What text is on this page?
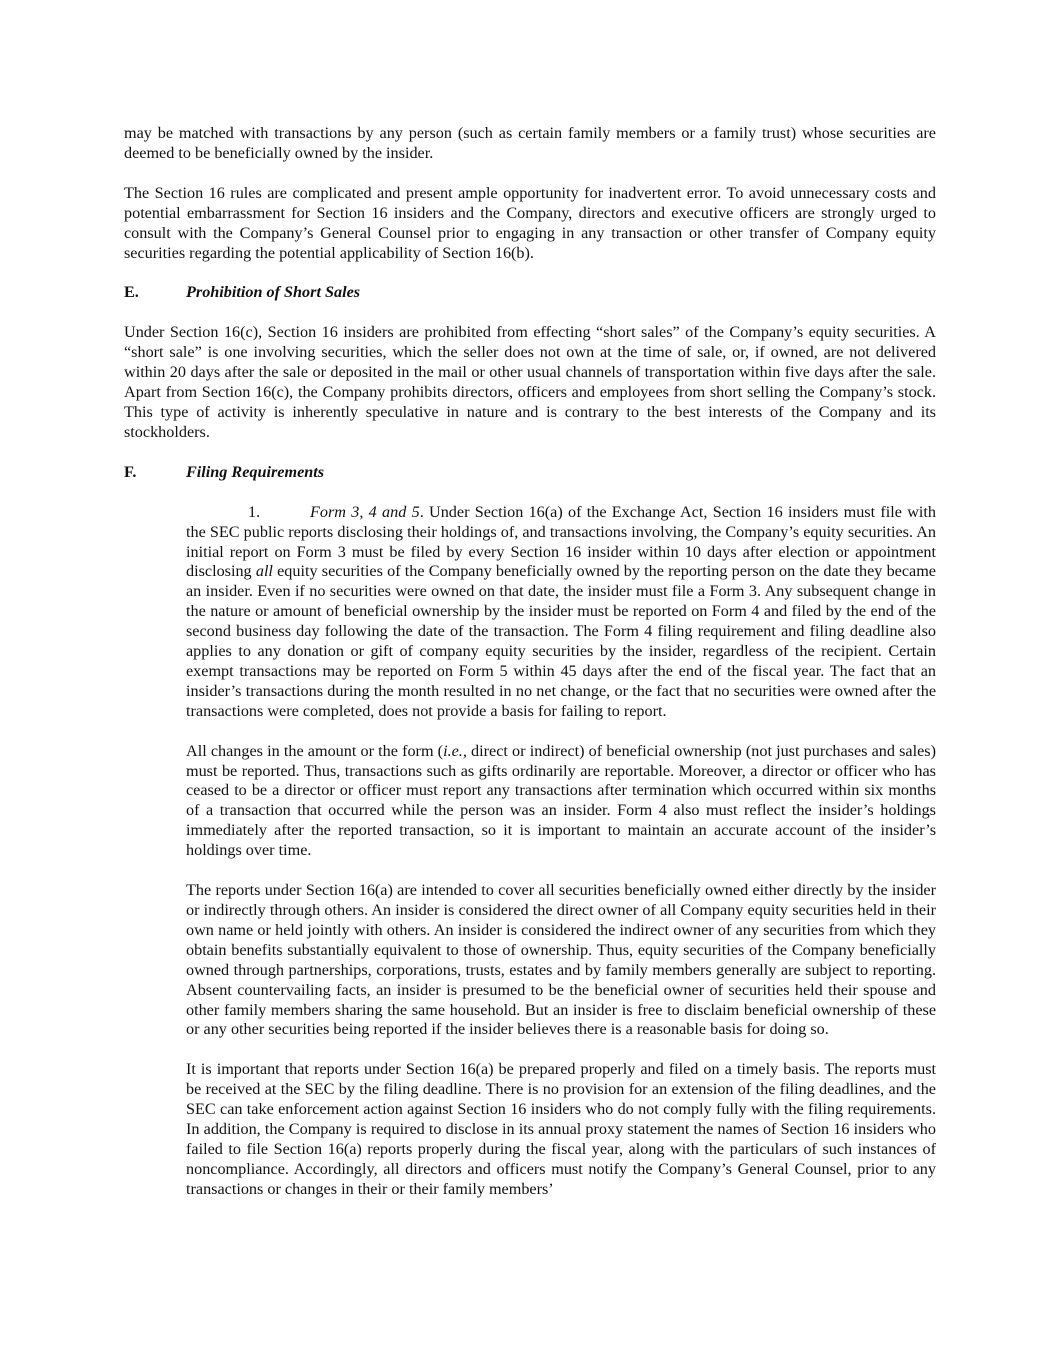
may be matched with transactions by any person (such as certain family members or a family trust) whose securities are deemed to be beneficially owned by the insider.

The Section 16 rules are complicated and present ample opportunity for inadvertent error. To avoid unnecessary costs and potential embarrassment for Section 16 insiders and the Company, directors and executive officers are strongly urged to consult with the Company’s General Counsel prior to engaging in any transaction or other transfer of Company equity securities regarding the potential applicability of Section 16(b).

E.	Prohibition of Short Sales

Under Section 16(c), Section 16 insiders are prohibited from effecting “short sales” of the Company’s equity securities. A “short sale” is one involving securities, which the seller does not own at the time of sale, or, if owned, are not delivered within 20 days after the sale or deposited in the mail or other usual channels of transportation within five days after the sale. Apart from Section 16(c), the Company prohibits directors, officers and employees from short selling the Company’s stock. This type of activity is inherently speculative in nature and is contrary to the best interests of the Company and its stockholders.

F.	Filing Requirements

1.	Form 3, 4 and 5. Under Section 16(a) of the Exchange Act, Section 16 insiders must file with the SEC public reports disclosing their holdings of, and transactions involving, the Company’s equity securities. An initial report on Form 3 must be filed by every Section 16 insider within 10 days after election or appointment disclosing all equity securities of the Company beneficially owned by the reporting person on the date they became an insider. Even if no securities were owned on that date, the insider must file a Form 3. Any subsequent change in the nature or amount of beneficial ownership by the insider must be reported on Form 4 and filed by the end of the second business day following the date of the transaction. The Form 4 filing requirement and filing deadline also applies to any donation or gift of company equity securities by the insider, regardless of the recipient. Certain exempt transactions may be reported on Form 5 within 45 days after the end of the fiscal year. The fact that an insider’s transactions during the month resulted in no net change, or the fact that no securities were owned after the transactions were completed, does not provide a basis for failing to report.

All changes in the amount or the form (i.e., direct or indirect) of beneficial ownership (not just purchases and sales) must be reported. Thus, transactions such as gifts ordinarily are reportable. Moreover, a director or officer who has ceased to be a director or officer must report any transactions after termination which occurred within six months of a transaction that occurred while the person was an insider. Form 4 also must reflect the insider’s holdings immediately after the reported transaction, so it is important to maintain an accurate account of the insider’s holdings over time.

The reports under Section 16(a) are intended to cover all securities beneficially owned either directly by the insider or indirectly through others. An insider is considered the direct owner of all Company equity securities held in their own name or held jointly with others. An insider is considered the indirect owner of any securities from which they obtain benefits substantially equivalent to those of ownership. Thus, equity securities of the Company beneficially owned through partnerships, corporations, trusts, estates and by family members generally are subject to reporting. Absent countervailing facts, an insider is presumed to be the beneficial owner of securities held their spouse and other family members sharing the same household. But an insider is free to disclaim beneficial ownership of these or any other securities being reported if the insider believes there is a reasonable basis for doing so.

It is important that reports under Section 16(a) be prepared properly and filed on a timely basis. The reports must be received at the SEC by the filing deadline. There is no provision for an extension of the filing deadlines, and the SEC can take enforcement action against Section 16 insiders who do not comply fully with the filing requirements. In addition, the Company is required to disclose in its annual proxy statement the names of Section 16 insiders who failed to file Section 16(a) reports properly during the fiscal year, along with the particulars of such instances of noncompliance. Accordingly, all directors and officers must notify the Company’s General Counsel, prior to any transactions or changes in their or their family members’
